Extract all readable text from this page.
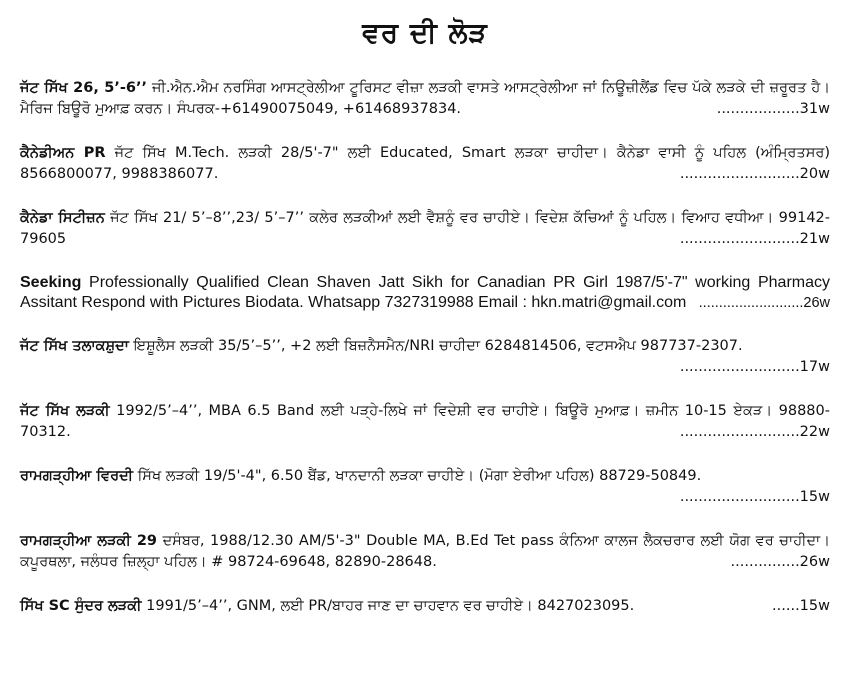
ਵਰ ਦੀ ਲੋੜ
ਜੱਟ ਸਿੱਖ 26, 5’-6’’ ਜੀ.ਐਨ.ਐਮ ਨਰਸਿੰਗ ਆਸਟ੍ਰੇਲੀਆ ਟੂਰਿਸਟ ਵੀਜ਼ਾ ਲੜਕੀ ਵਾਸਤੇ ਆਸਟ੍ਰੇਲੀਆ ਜਾਂ ਨਿਊਜ਼ੀਲੈਂਡ ਵਿਚ ਪੱਕੇ ਲੜਕੇ ਦੀ ਜ਼ਰੂਰਤ ਹੈ। ਮੈਰਿਜ ਬਿਊਰੋ ਮੁਆਫ਼ ਕਰਨ। ਸੰਪਰਕ-+61490075049, +61468937834.	..................31w
ਕੈਨੇਡੀਅਨ PR ਜੱਟ ਸਿੱਖ M.Tech. ਲੜਕੀ 28/5'-7" ਲਈ Educated, Smart ਲੜਕਾ ਚਾਹੀਦਾ। ਕੈਨੇਡਾ ਵਾਸੀ ਨੂੰ ਪਹਿਲ (ਅੰਮ੍ਰਿਤਸਰ) 8566800077, 9988386077.	..........................20w
ਕੈਨੇਡਾ ਸਿਟੀਜ਼ਨ ਜੱਟ ਸਿੱਖ 21/ 5’–8’’,23/ 5’–7’’ ਕਲੇਰ ਲੜਕੀਆਂ ਲਈ ਵੈਸ਼ਨੂੰ ਵਰ ਚਾਹੀਏ। ਵਿਦੇਸ਼ ਕੱਚਿਆਂ ਨੂੰ ਪਹਿਲ। ਵਿਆਹ ਵਧੀਆ। 99142-79605	..........................21w
Seeking Professionally Qualified Clean Shaven Jatt Sikh for Canadian PR Girl 1987/5'-7" working Pharmacy Assitant Respond with Pictures Biodata. Whatsapp 7327319988 Email : hkn.matri@gmail.com ..........................26w
ਜੱਟ ਸਿੱਖ ਤਲਾਕਸ਼ੁਦਾ ਇਸ਼ੂਲੈਸ ਲੜਕੀ 35/5’–5’’, +2 ਲਈ ਬਿਜ਼ਨੈਸਮੈਨ/NRI ਚਾਹੀਦਾ 6284814506, ਵਟਸਐਪ 987737-2307.
..........................17w
ਜੱਟ ਸਿੱਖ ਲੜਕੀ 1992/5’–4’’, MBA 6.5 Band ਲਈ ਪੜ੍ਹੇ-ਲਿਖੇ ਜਾਂ ਵਿਦੇਸ਼ੀ ਵਰ ਚਾਹੀਏ। ਬਿਊਰੋ ਮੁਆਫ਼। ਜ਼ਮੀਨ 10-15 ਏਕੜ। 98880-70312.	..........................22w
ਰਾਮਗੜ੍ਹੀਆ ਵਿਰਦੀ ਸਿੱਖ ਲੜਕੀ 19/5'-4", 6.50 ਬੈਂਡ, ਖਾਨਦਾਨੀ ਲੜਕਾ ਚਾਹੀਏ। (ਮੋਗਾ ਏਰੀਆ ਪਹਿਲ) 88729-50849.
..........................15w
ਰਾਮਗੜ੍ਹੀਆ ਲੜਕੀ 29 ਦਸੰਬਰ, 1988/12.30 AM/5'-3" Double MA, B.Ed Tet pass ਕੰਨਿਆ ਕਾਲਜ ਲੈਕਚਰਾਰ ਲਈ ਯੋਗ ਵਰ ਚਾਹੀਦਾ। ਕਪੂਰਥਲਾ, ਜਲੰਧਰ ਜ਼ਿਲ੍ਹਾ ਪਹਿਲ। # 98724-69648, 82890-28648.	...............26w
ਸਿੱਖ SC ਸੁੰਦਰ ਲੜਕੀ 1991/5’–4’’, GNM, ਲਈ PR/ਬਾਹਰ ਜਾਣ ਦਾ ਚਾਹਵਾਨ ਵਰ ਚਾਹੀਏ। 8427023095.	......15w
